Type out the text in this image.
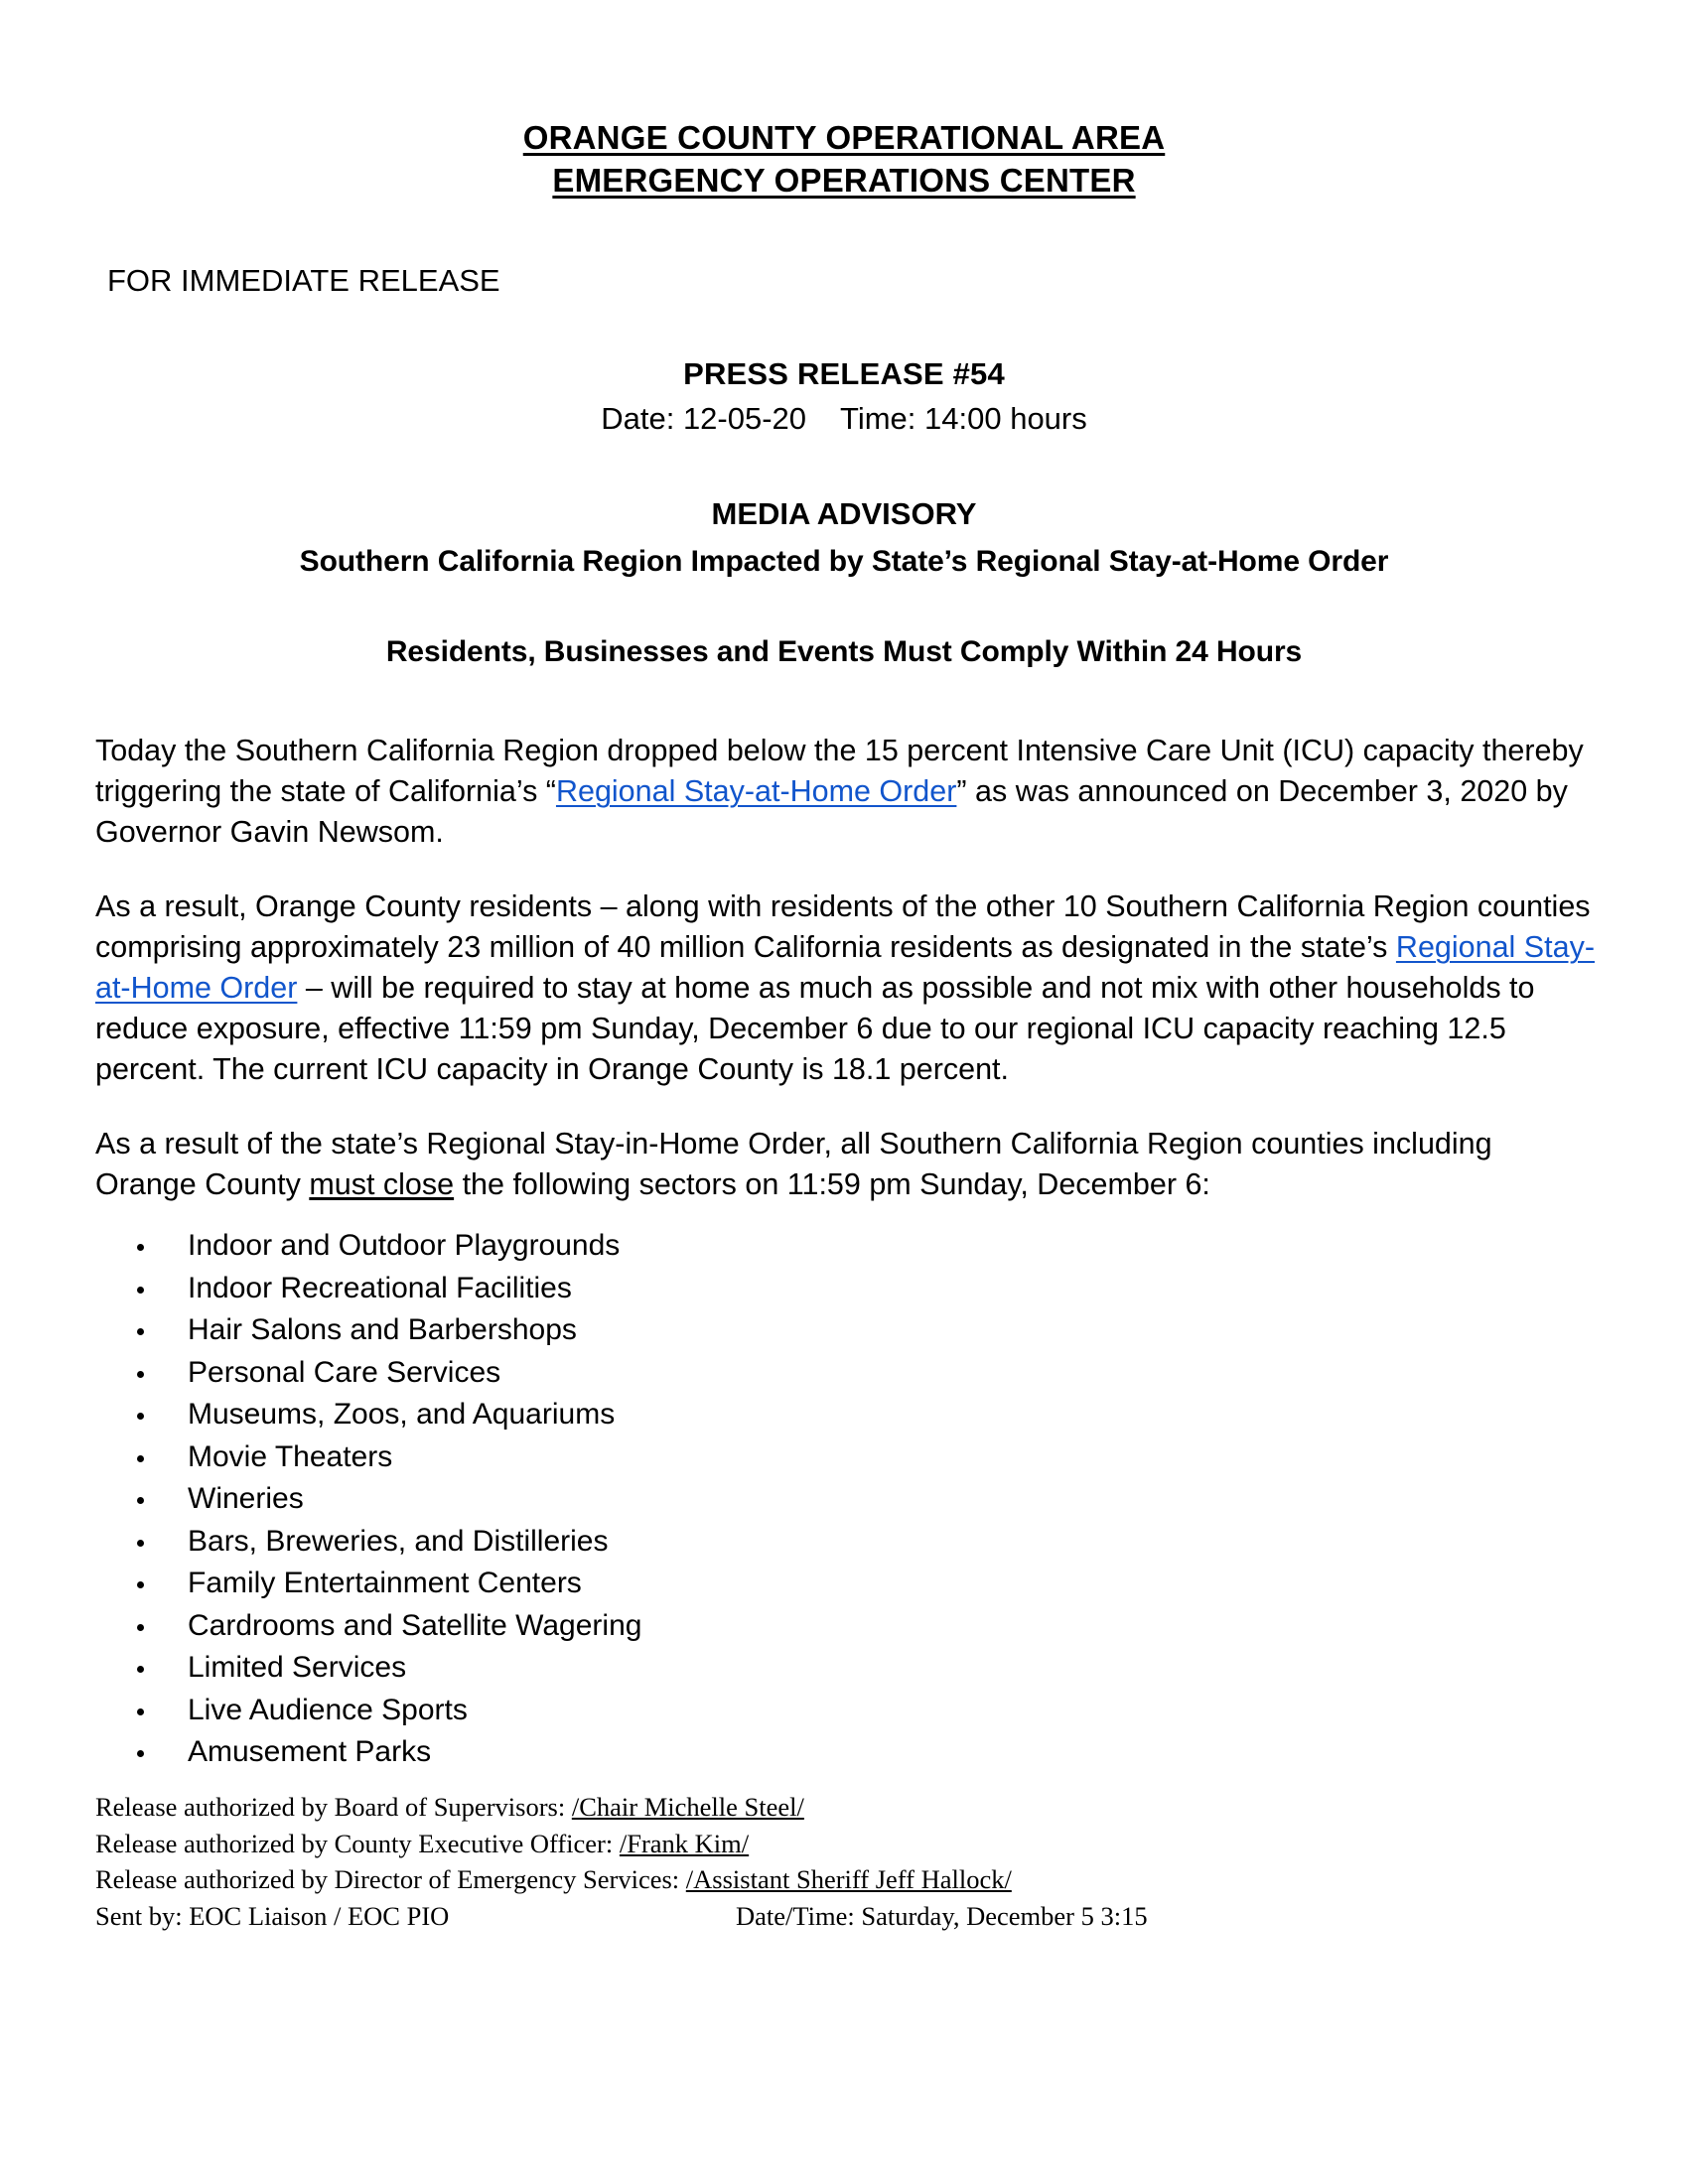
ORANGE COUNTY OPERATIONAL AREA
EMERGENCY OPERATIONS CENTER
FOR IMMEDIATE RELEASE
PRESS RELEASE #54
Date: 12-05-20 Time: 14:00 hours
MEDIA ADVISORY
Southern California Region Impacted by State’s Regional Stay-at-Home Order
Residents, Businesses and Events Must Comply Within 24 Hours

Today the Southern California Region dropped below the 15 percent Intensive Care Unit (ICU) capacity thereby triggering the state of California’s “Regional Stay-at-Home Order” as was announced on December 3, 2020 by Governor Gavin Newsom.

As a result, Orange County residents – along with residents of the other 10 Southern California Region counties comprising approximately 23 million of 40 million California residents as designated in the state’s Regional Stay-at-Home Order – will be required to stay at home as much as possible and not mix with other households to reduce exposure, effective 11:59 pm Sunday, December 6 due to our regional ICU capacity reaching 12.5 percent. The current ICU capacity in Orange County is 18.1 percent.

As a result of the state’s Regional Stay-in-Home Order, all Southern California Region counties including Orange County must close the following sectors on 11:59 pm Sunday, December 6:

Indoor and Outdoor Playgrounds
Indoor Recreational Facilities
Hair Salons and Barbershops
Personal Care Services
Museums, Zoos, and Aquariums
Movie Theaters
Wineries
Bars, Breweries, and Distilleries
Family Entertainment Centers
Cardrooms and Satellite Wagering
Limited Services
Live Audience Sports
Amusement Parks
Release authorized by Board of Supervisors: /Chair Michelle Steel/
Release authorized by County Executive Officer: /Frank Kim/
Release authorized by Director of Emergency Services: /Assistant Sheriff Jeff Hallock/
Sent by: EOC Liaison / EOC PIO	Date/Time: Saturday, December 5 3:15
